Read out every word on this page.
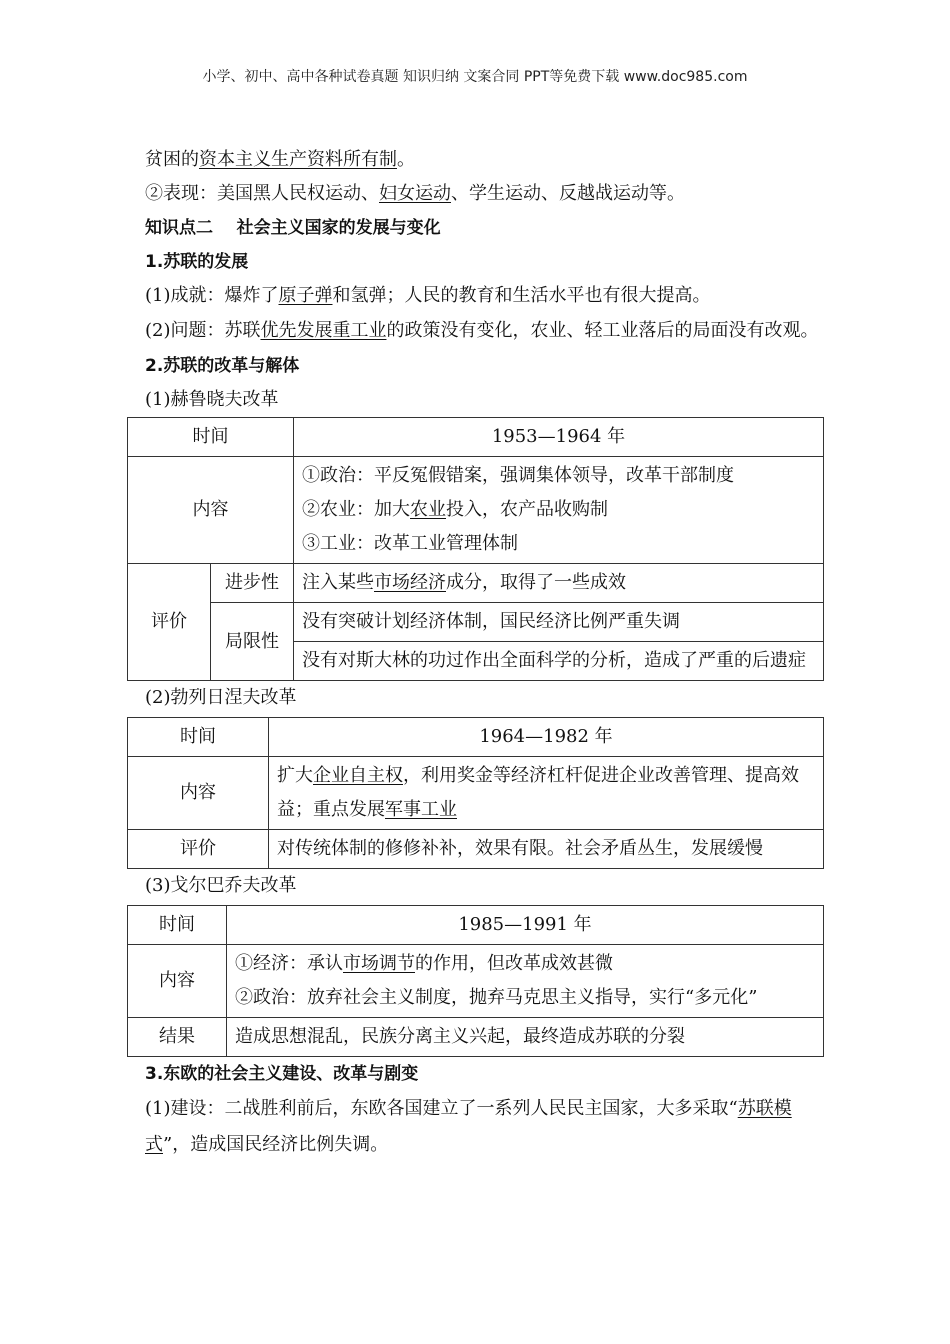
小学、初中、高中各种试卷真题 知识归纳 文案合同 PPT等免费下载 www.doc985.com

贫困的资本主义生产资料所有制。

②表现：美国黑人民权运动、妇女运动、学生运动、反越战运动等。

知识点二    社会主义国家的发展与变化

1.苏联的发展

(1)成就：爆炸了原子弹和氢弹；人民的教育和生活水平也有很大提高。

(2)问题：苏联优先发展重工业的政策没有变化，农业、轻工业落后的局面没有改观。

2.苏联的改革与解体

(1)赫鲁晓夫改革

时间		1953—1964 年
内容		①政治：平反冤假错案，强调集体领导，改革干部制度
②农业：加大农业投入，农产品收购制
③工业：改革工业管理体制

评价	进步性	注入某些市场经济成分，取得了一些成效
	局限性	没有突破计划经济体制，国民经济比例严重失调
		没有对斯大林的功过作出全面科学的分析，造成了严重的后遗症

(2)勃列日涅夫改革

时间	1964—1982 年
内容	扩大企业自主权，利用奖金等经济杠杆促进企业改善管理、提高效益；重点发展军事工业
评价	对传统体制的修修补补，效果有限。社会矛盾丛生，发展缓慢

(3)戈尔巴乔夫改革

时间	1985—1991 年
内容	①经济：承认市场调节的作用，但改革成效甚微
②政治：放弃社会主义制度，抛弃马克思主义指导，实行“多元化”

结果	造成思想混乱，民族分离主义兴起，最终造成苏联的分裂

3.东欧的社会主义建设、改革与剧变

(1)建设：二战胜利前后，东欧各国建立了一系列人民民主国家，大多采取“苏联模式”，造成国民经济比例失调。
